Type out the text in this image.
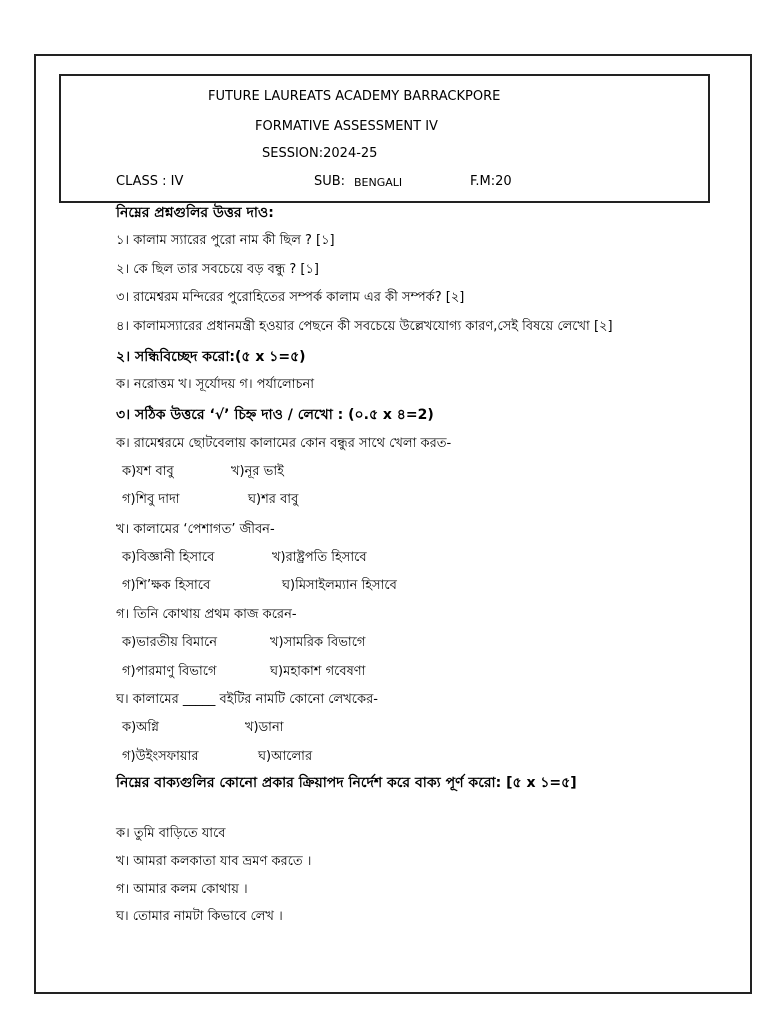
FUTURE LAUREATS ACADEMY BARRACKPORE
FORMATIVE ASSESSMENT IV
SESSION:2024-25
CLASS : IV	SUB: BENGALI	F.M:20
নিম্নের প্রশ্নগুলির উত্তর দাও:
১। কালাম স্যারের পুরো নাম কী ছিল ? [১]
২। কে ছিল তার সবচেয়ে বড় বন্ধু ? [১]
৩। রামেশ্বরম মন্দিরের পুরোহিতের সম্পর্ক কালাম এর কী সম্পর্ক? [২]
৪। কালামস্যারের প্রধানমন্ত্রী হওয়ার পেছনে কী সবচেয়ে উল্লেখযোগ্য কারণ,সেই বিষয়ে লেখো [২]
২। সন্ধিবিচ্ছেদ করো:(৫ x ১=৫)
ক। নরোত্তম খ। সূর্যোদয় গ। পর্যালোচনা
৩। সঠিক উত্তরে ‘√’ চিহ্ন দাও / লেখো : (০.৫ x ৪=2)
ক। রামেশ্বরমে ছোটবেলায় কালামের কোন বন্ধুর সাথে খেলা করত-
ক)যশ বাবু	খ)নূর ভাই
গ)শিবু দাদা	ঘ)শর বাবু
খ। কালামের ‘পেশাগত’ জীবন-
ক)বিজ্ঞানী হিসাবে	খ)রাষ্ট্রপতি হিসাবে
গ)শি’ক্ষক হিসাবে	ঘ)মিসাইলম্যান হিসাবে
গ। তিনি কোথায় প্রথম কাজ করেন-
ক)ভারতীয় বিমানে	খ)সামরিক বিভাগে
গ)পারমাণু বিভাগে	ঘ)মহাকাশ গবেষণা
ঘ। কালামের _____ বইটির নামটি কোনো লেখকের-
ক)অগ্নি	খ)ডানা
গ)উইংসফায়ার	ঘ)আলোর
নিম্নের বাক্যগুলির কোনো প্রকার ক্রিয়াপদ নির্দেশ করে বাক্য পূর্ণ করো: [৫ x ১=৫]
ক। তুমি বাড়িতে যাবে
খ। আমরা কলকাতা যাব ভ্রমণ করতে ।
গ। আমার কলম কোথায় ।
ঘ। তোমার নামটা কিভাবে লেখ ।
